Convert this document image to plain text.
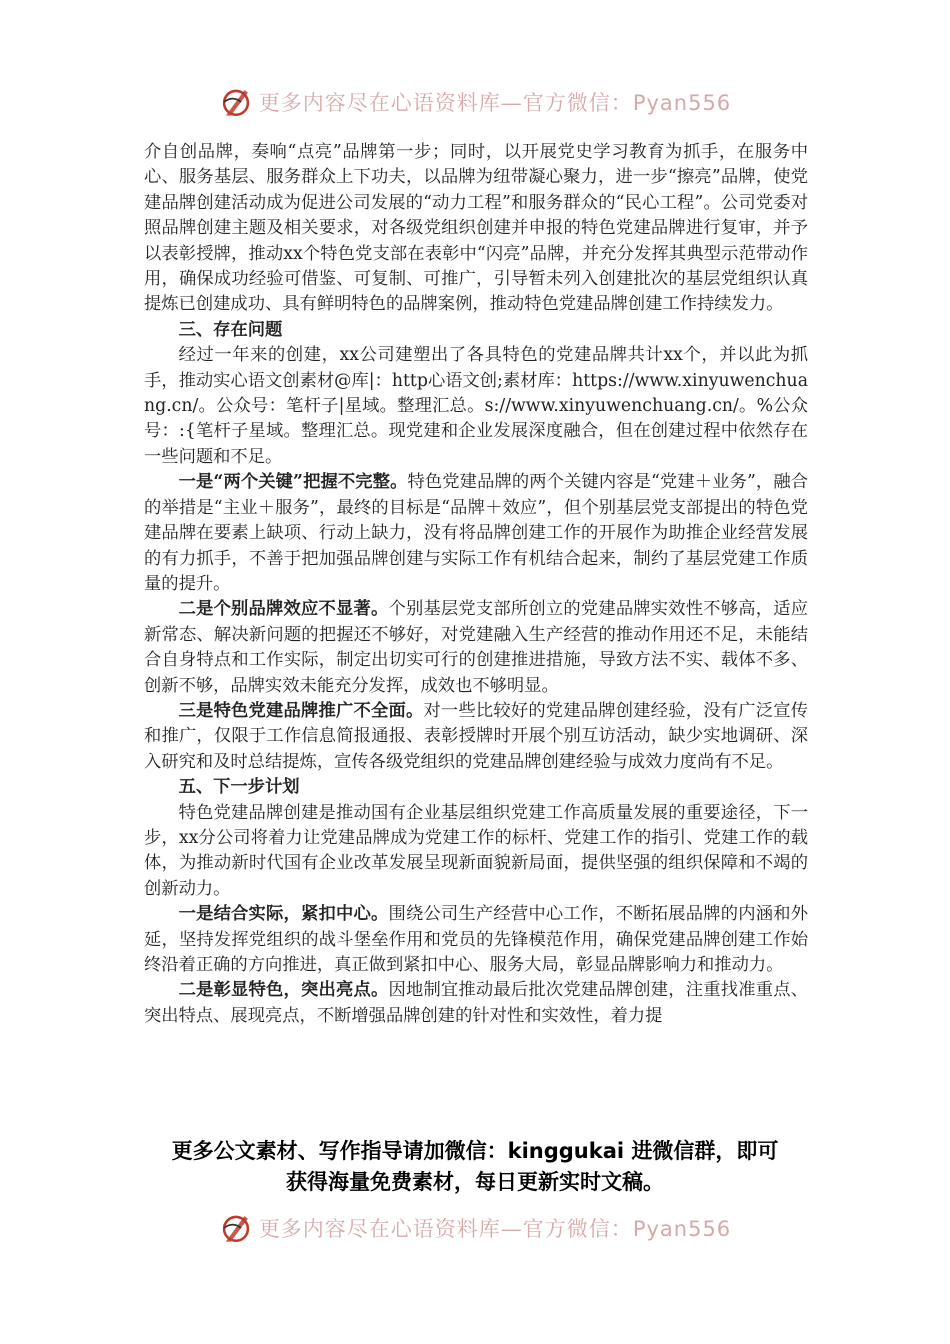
更多内容尽在心语资料库—官方微信：Pyan556

介自创品牌，奏响“点亮”品牌第一步；同时，以开展党史学习教育为抓手，在服务中心、服务基层、服务群众上下功夫，以品牌为纽带凝心聚力，进一步“擦亮”品牌，使党建品牌创建活动成为促进公司发展的“动力工程”和服务群众的“民心工程”。公司党委对照品牌创建主题及相关要求，对各级党组织创建并申报的特色党建品牌进行复审，并予以表彰授牌，推动xx个特色党支部在表彰中“闪亮”品牌，并充分发挥其典型示范带动作用，确保成功经验可借鉴、可复制、可推广，引导暂未列入创建批次的基层党组织认真提炼已创建成功、具有鲜明特色的品牌案例，推动特色党建品牌创建工作持续发力。

三、存在问题

经过一年来的创建，xx公司建塑出了各具特色的党建品牌共计xx个，并以此为抓手，推动实心语文创素材@库|：http心语文创;素材库：https://www.xinyuwenchuang.cn/。公众号：笔杆子|星域。整理汇总。s://www.xinyuwenchuang.cn/。%公众号：:{笔杆子星域。整理汇总。现党建和企业发展深度融合，但在创建过程中依然存在一些问题和不足。

一是“两个关键”把握不完整。特色党建品牌的两个关键内容是“党建＋业务”，融合的举措是“主业＋服务”，最终的目标是“品牌＋效应”，但个别基层党支部提出的特色党建品牌在要素上缺项、行动上缺力，没有将品牌创建工作的开展作为助推企业经营发展的有力抓手，不善于把加强品牌创建与实际工作有机结合起来，制约了基层党建工作质量的提升。

二是个别品牌效应不显著。个别基层党支部所创立的党建品牌实效性不够高，适应新常态、解决新问题的把握还不够好，对党建融入生产经营的推动作用还不足，未能结合自身特点和工作实际，制定出切实可行的创建推进措施，导致方法不实、载体不多、创新不够，品牌实效未能充分发挥，成效也不够明显。

三是特色党建品牌推广不全面。对一些比较好的党建品牌创建经验，没有广泛宣传和推广，仅限于工作信息简报通报、表彰授牌时开展个别互访活动，缺少实地调研、深入研究和及时总结提炼，宣传各级党组织的党建品牌创建经验与成效力度尚有不足。

五、下一步计划

特色党建品牌创建是推动国有企业基层组织党建工作高质量发展的重要途径，下一步，xx分公司将着力让党建品牌成为党建工作的标杆、党建工作的指引、党建工作的载体，为推动新时代国有企业改革发展呈现新面貌新局面，提供坚强的组织保障和不竭的创新动力。

一是结合实际，紧扣中心。围绕公司生产经营中心工作，不断拓展品牌的内涵和外延，坚持发挥党组织的战斗堡垒作用和党员的先锋模范作用，确保党建品牌创建工作始终沿着正确的方向推进，真正做到紧扣中心、服务大局，彰显品牌影响力和推动力。

二是彰显特色，突出亮点。因地制宜推动最后批次党建品牌创建，注重找准重点、突出特点、展现亮点，不断增强品牌创建的针对性和实效性，着力提

更多公文素材、写作指导请加微信：kinggukai 进微信群，即可
获得海量免费素材，每日更新实时文稿。
更多内容尽在心语资料库—官方微信：Pyan556
